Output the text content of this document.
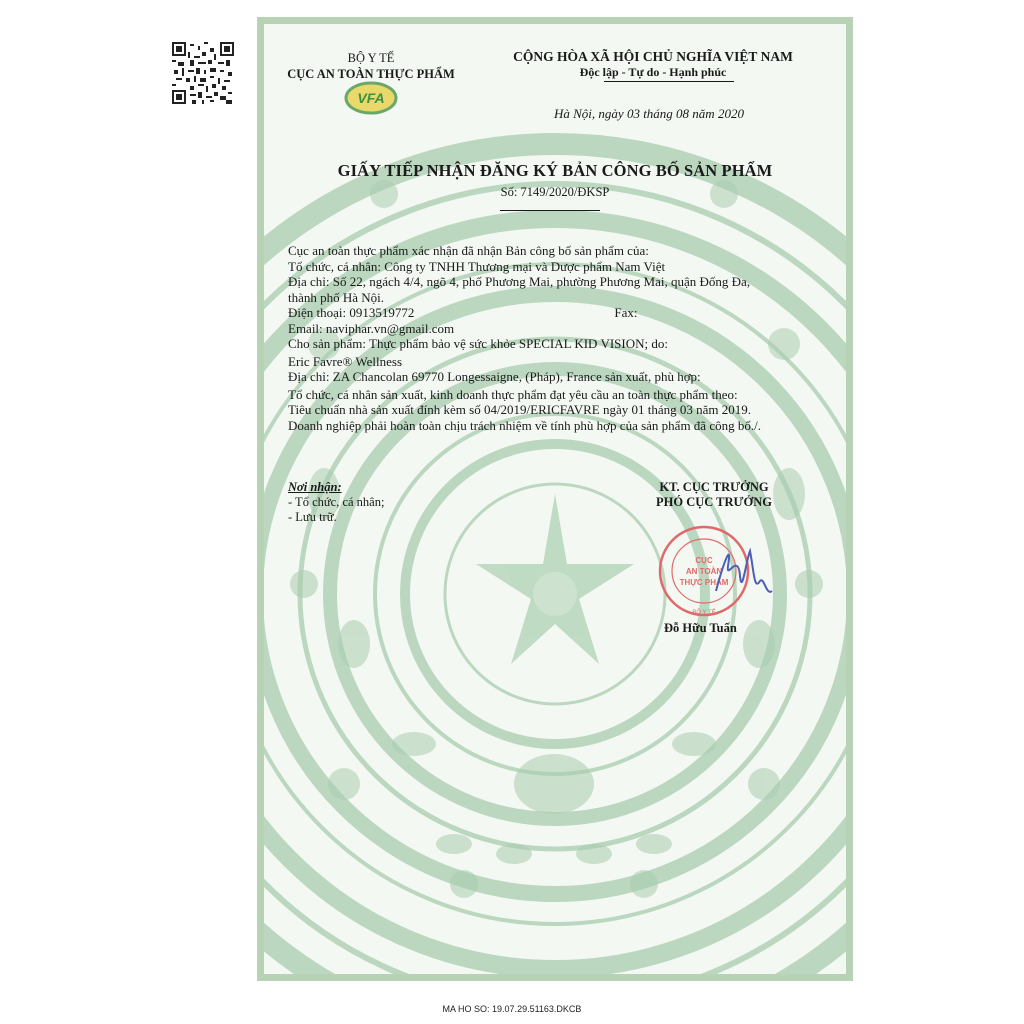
BỘ Y TẾ
CỤC AN TOÀN THỰC PHẨM
VFA
CỘNG HÒA XÃ HỘI CHỦ NGHĨA VIỆT NAM
Độc lập - Tự do - Hạnh phúc
Hà Nội, ngày 03 tháng 08 năm 2020
GIẤY TIẾP NHẬN ĐĂNG KÝ BẢN CÔNG BỐ SẢN PHẨM
Số: 7149/2020/ĐKSP
Cục an toàn thực phẩm xác nhận đã nhận Bản công bố sản phẩm của:
Tổ chức, cá nhân: Công ty TNHH Thương mại và Dược phẩm Nam Việt
Địa chỉ: Số 22, ngách 4/4, ngõ 4, phố Phương Mai, phường Phương Mai, quận Đống Đa,
thành phố Hà Nội.
Điện thoại: 0913519772	Fax:
Email: naviphar.vn@gmail.com
Cho sản phẩm: Thực phẩm bảo vệ sức khỏe SPECIAL KID VISION; do:
Eric Favre® Wellness
Địa chỉ: ZA Chancolan 69770 Longessaigne, (Pháp), France sản xuất, phù hợp:
Tổ chức, cá nhân sản xuất, kinh doanh thực phẩm đạt yêu cầu an toàn thực phẩm theo:
Tiêu chuẩn nhà sản xuất đính kèm số 04/2019/ERICFAVRE ngày 01 tháng 03 năm 2019.
Doanh nghiệp phải hoàn toàn chịu trách nhiệm về tính phù hợp của sản phẩm đã công bố./.
Nơi nhận:
- Tổ chức, cá nhân;
- Lưu trữ.
KT. CỤC TRƯỞNG
PHÓ CỤC TRƯỞNG
BỘ Y TẾ
CỤC
AN TOÀN
THỰC PHẨM
Đỗ Hữu Tuấn
MA HO SO: 19.07.29.51163.DKCB
